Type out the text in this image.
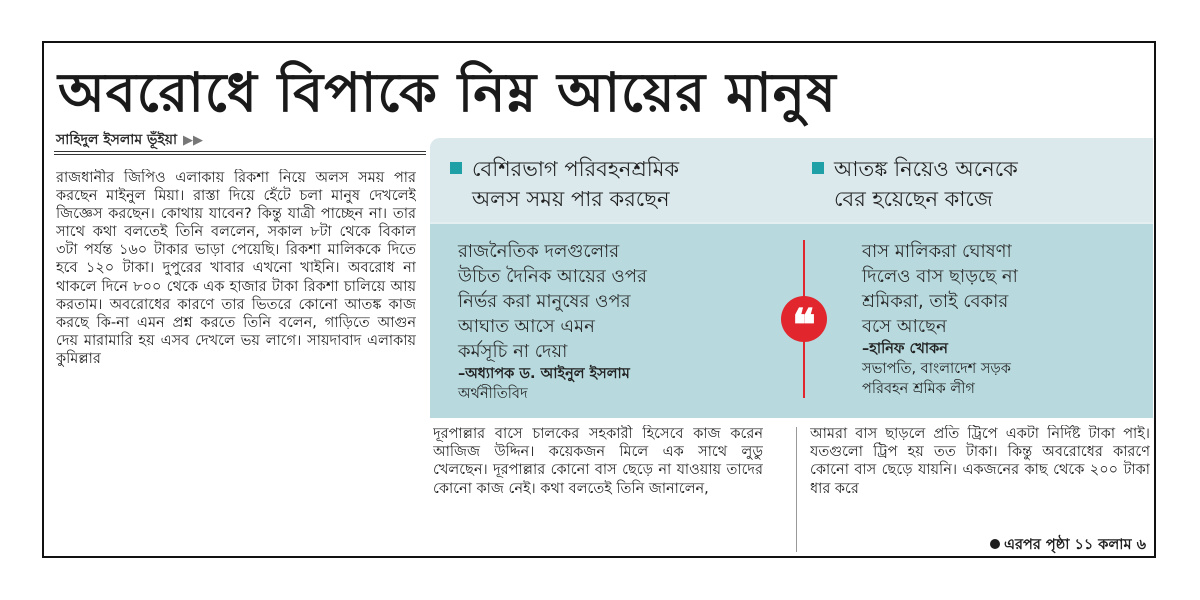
অবরোধে বিপাকে নিম্ন আয়ের মানুষ
সাহিদুল ইসলাম ভূঁইয়া ▶▶

রাজধানীর জিপিও এলাকায় রিকশা নিয়ে অলস সময় পার করছেন মাইনুল মিয়া। রাস্তা দিয়ে হেঁটে চলা মানুষ দেখলেই জিজ্ঞেস করছেন। কোথায় যাবেন? কিন্তু যাত্রী পাচ্ছেন না। তার সাথে কথা বলতেই তিনি বললেন, সকাল ৮টা থেকে বিকাল ৩টা পর্যন্ত ১৬০ টাকার ভাড়া পেয়েছি। রিকশা মালিককে দিতে হবে ১২০ টাকা। দুপুরের খাবার এখনো খাইনি। অবরোধ না থাকলে দিনে ৮০০ থেকে এক হাজার টাকা রিকশা চালিয়ে আয় করতাম। অবরোধের কারণে তার ভিতরে কোনো আতঙ্ক কাজ করছে কি-না এমন প্রশ্ন করতে তিনি বলেন, গাড়িতে আগুন দেয় মারামারি হয় এসব দেখলে ভয় লাগে। সায়দাবাদ এলাকায় কুমিল্লার

বেশিরভাগ পরিবহনশ্রমিক
অলস সময় পার করছেন
আতঙ্ক নিয়েও অনেকে
বের হয়েছেন কাজে
রাজনৈতিক দলগুলোর
উচিত দৈনিক আয়ের ওপর
নির্ভর করা মানুষের ওপর
আঘাত আসে এমন
কর্মসূচি না দেয়া
–অধ্যাপক ড. আইনুল ইসলাম
অর্থনীতিবিদ
❝
বাস মালিকরা ঘোষণা
দিলেও বাস ছাড়ছে না
শ্রমিকরা, তাই বেকার
বসে আছেন
–হানিফ খোকন
সভাপতি, বাংলাদেশ সড়ক
পরিবহন শ্রমিক লীগ

দূরপাল্লার বাসে চালকের সহকারী হিসেবে কাজ করেন আজিজ উদ্দিন। কয়েকজন মিলে এক সাথে লুডু খেলছেন। দূরপাল্লার কোনো বাস ছেড়ে না যাওয়ায় তাদের কোনো কাজ নেই। কথা বলতেই তিনি জানালেন,

আমরা বাস ছাড়লে প্রতি ট্রিপে একটা নির্দিষ্ট টাকা পাই। যতগুলো ট্রিপ হয় তত টাকা। কিন্তু অবরোধের কারণে কোনো বাস ছেড়ে যায়নি। একজনের কাছ থেকে ২০০ টাকা ধার করে

এরপর পৃষ্ঠা ১১ কলাম ৬
